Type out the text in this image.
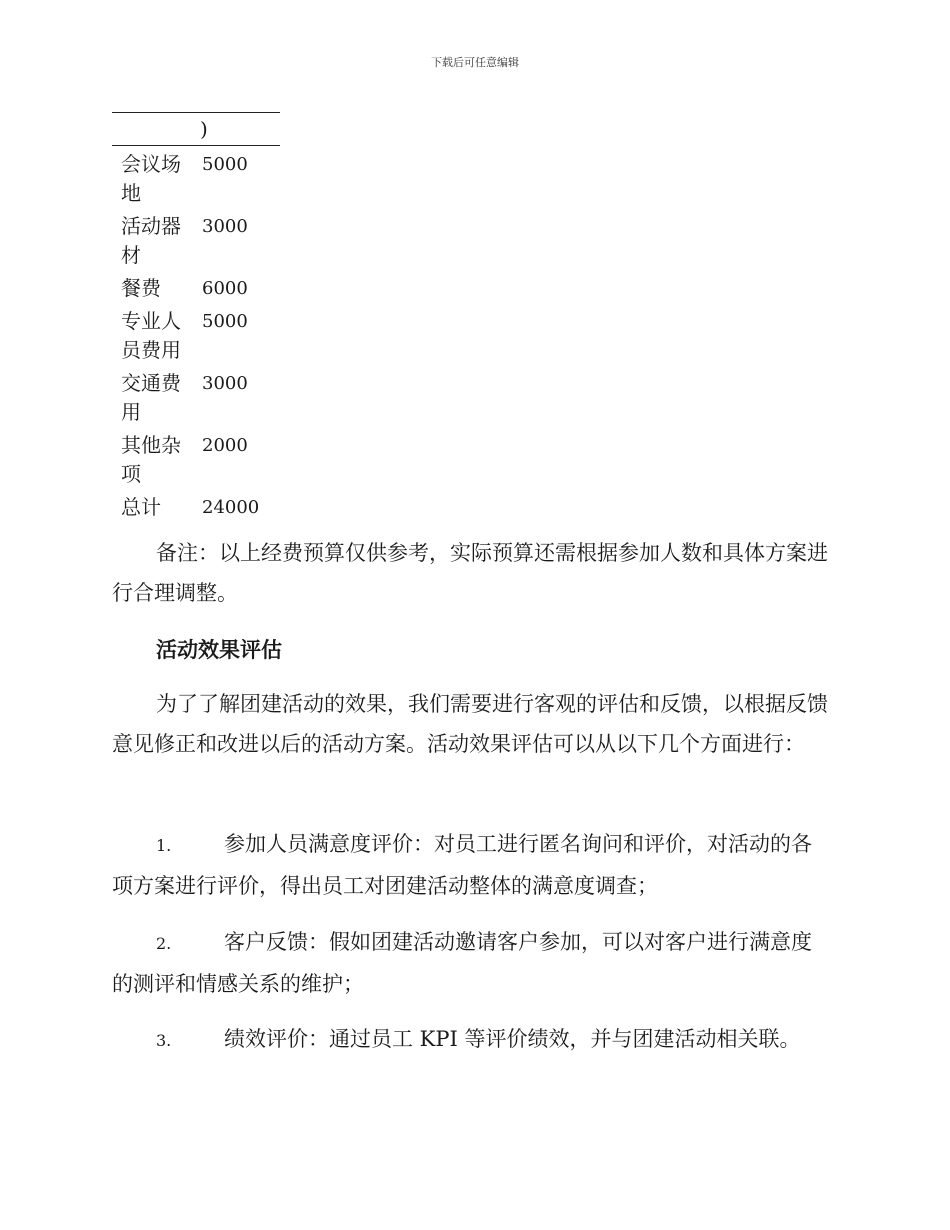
下载后可任意编辑
	)
会议场地	5000
活动器材	3000
餐费	6000
专业人员费用	5000
交通费用	3000
其他杂项	2000
总计	24000

备注：以上经费预算仅供参考，实际预算还需根据参加人数和具体方案进行合理调整。

活动效果评估

为了了解团建活动的效果，我们需要进行客观的评估和反馈，以根据反馈意见修正和改进以后的活动方案。活动效果评估可以从以下几个方面进行：

1.	参加人员满意度评价：对员工进行匿名询问和评价，对活动的各项方案进行评价，得出员工对团建活动整体的满意度调查；

2.	客户反馈：假如团建活动邀请客户参加，可以对客户进行满意度的测评和情感关系的维护；

3.	绩效评价：通过员工 KPI 等评价绩效，并与团建活动相关联。
